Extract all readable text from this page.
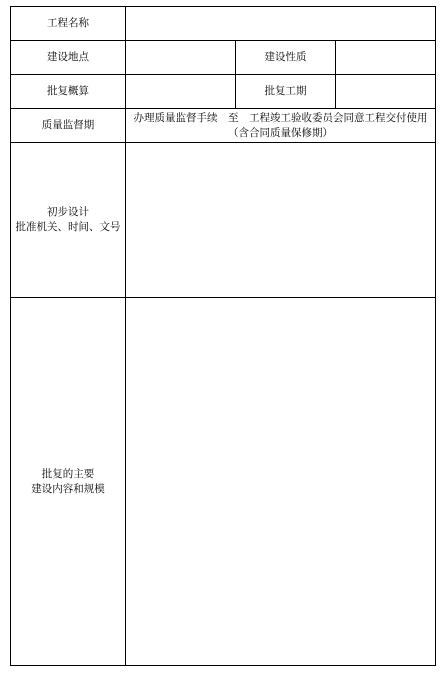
工程名称			
建设地点		建设性质	
批复概算		批复工期	
质量监督期	办理质量监督手续　至　工程竣工验收委员会同意工程交付使用
（含合同质量保修期）		

初步设计
批准机关、时间、文号			

批复的主要
建设内容和规模			
